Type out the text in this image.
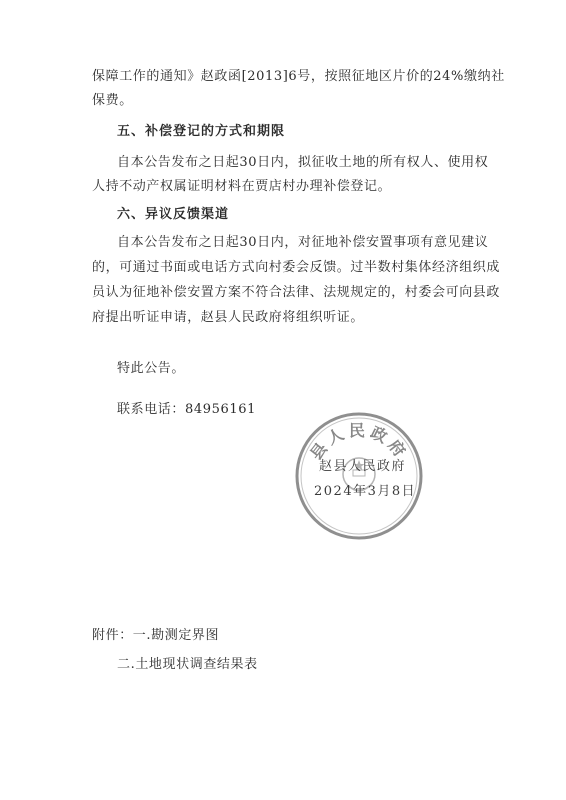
保障工作的通知》赵政函[2013]6号，按照征地区片价的24%缴纳社
保费。
五、补偿登记的方式和期限
自本公告发布之日起30日内，拟征收土地的所有权人、使用权
人持不动产权属证明材料在贾店村办理补偿登记。
六、异议反馈渠道
自本公告发布之日起30日内，对征地补偿安置事项有意见建议
的，可通过书面或电话方式向村委会反馈。过半数村集体经济组织成
员认为征地补偿安置方案不符合法律、法规规定的，村委会可向县政
府提出听证申请，赵县人民政府将组织听证。
特此公告。
联系电话：84956161
县人民政府
赵县人民政府
2024年3月8日
附件：一.勘测定界图
二.土地现状调查结果表
